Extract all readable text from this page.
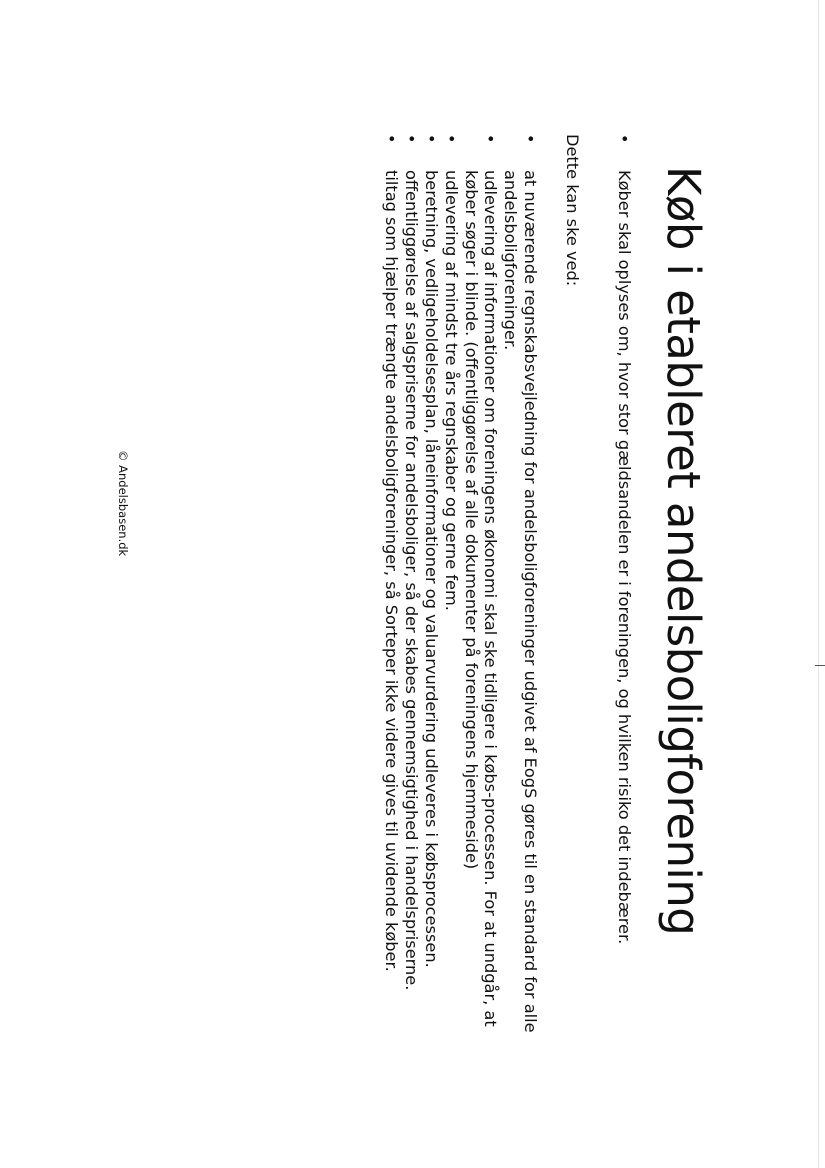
Køb i etableret andelsboligforening
• Køber skal oplyses om, hvor stor gældsandelen er i foreningen, og hvilken risiko det indebærer.
Dette kan ske ved:
• at nuværende regnskabsvejledning for andelsboligforeninger udgivet af EogS gøres til en standard for alle andelsboligforeninger.
• udlevering af informationer om foreningens økonomi skal ske tidligere i købs-processen. For at undgår, at køber søger i blinde. (offentliggørelse af alle dokumenter på foreningens hjemmeside)
• udlevering af mindst tre års regnskaber og gerne fem.
• beretning, vedligeholdelsesplan, låneinformationer og valuarvurdering udleveres i købsprocessen.
• offentliggørelse af salgspriserne for andelsboliger, så der skabes gennemsigtighed i handelspriserne.
• tiltag som hjælper trængte andelsboligforeninger, så Sorteper ikke videre gives til uvidende køber.
© Andelsbasen.dk
